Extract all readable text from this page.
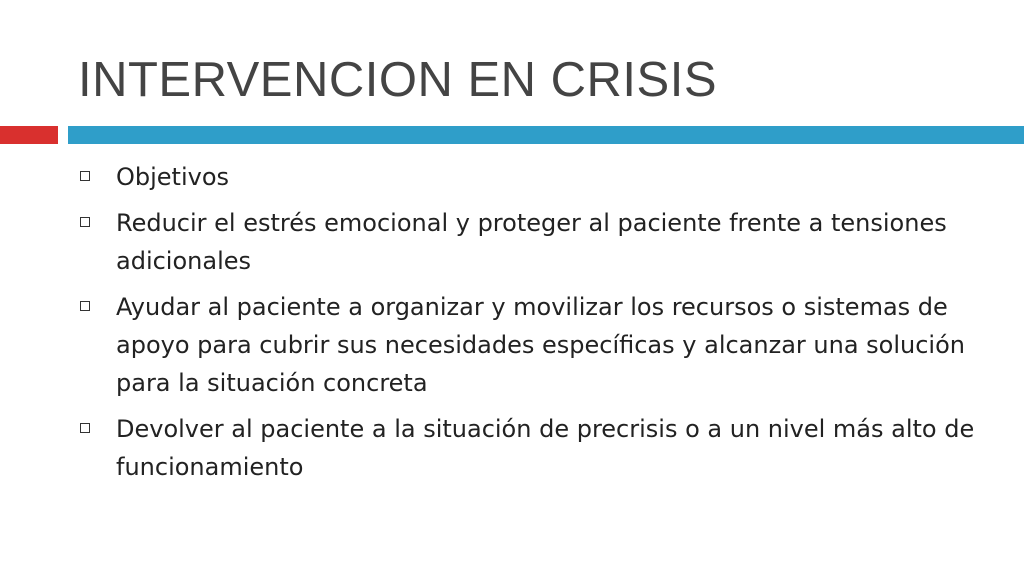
INTERVENCION EN CRISIS
Objetivos
Reducir el estrés emocional y proteger al paciente frente a tensiones adicionales
Ayudar al paciente a organizar y movilizar los recursos o sistemas de apoyo para cubrir sus necesidades específicas y alcanzar una solución para la situación concreta
Devolver al paciente a la situación de precrisis o a un nivel más alto de funcionamiento
